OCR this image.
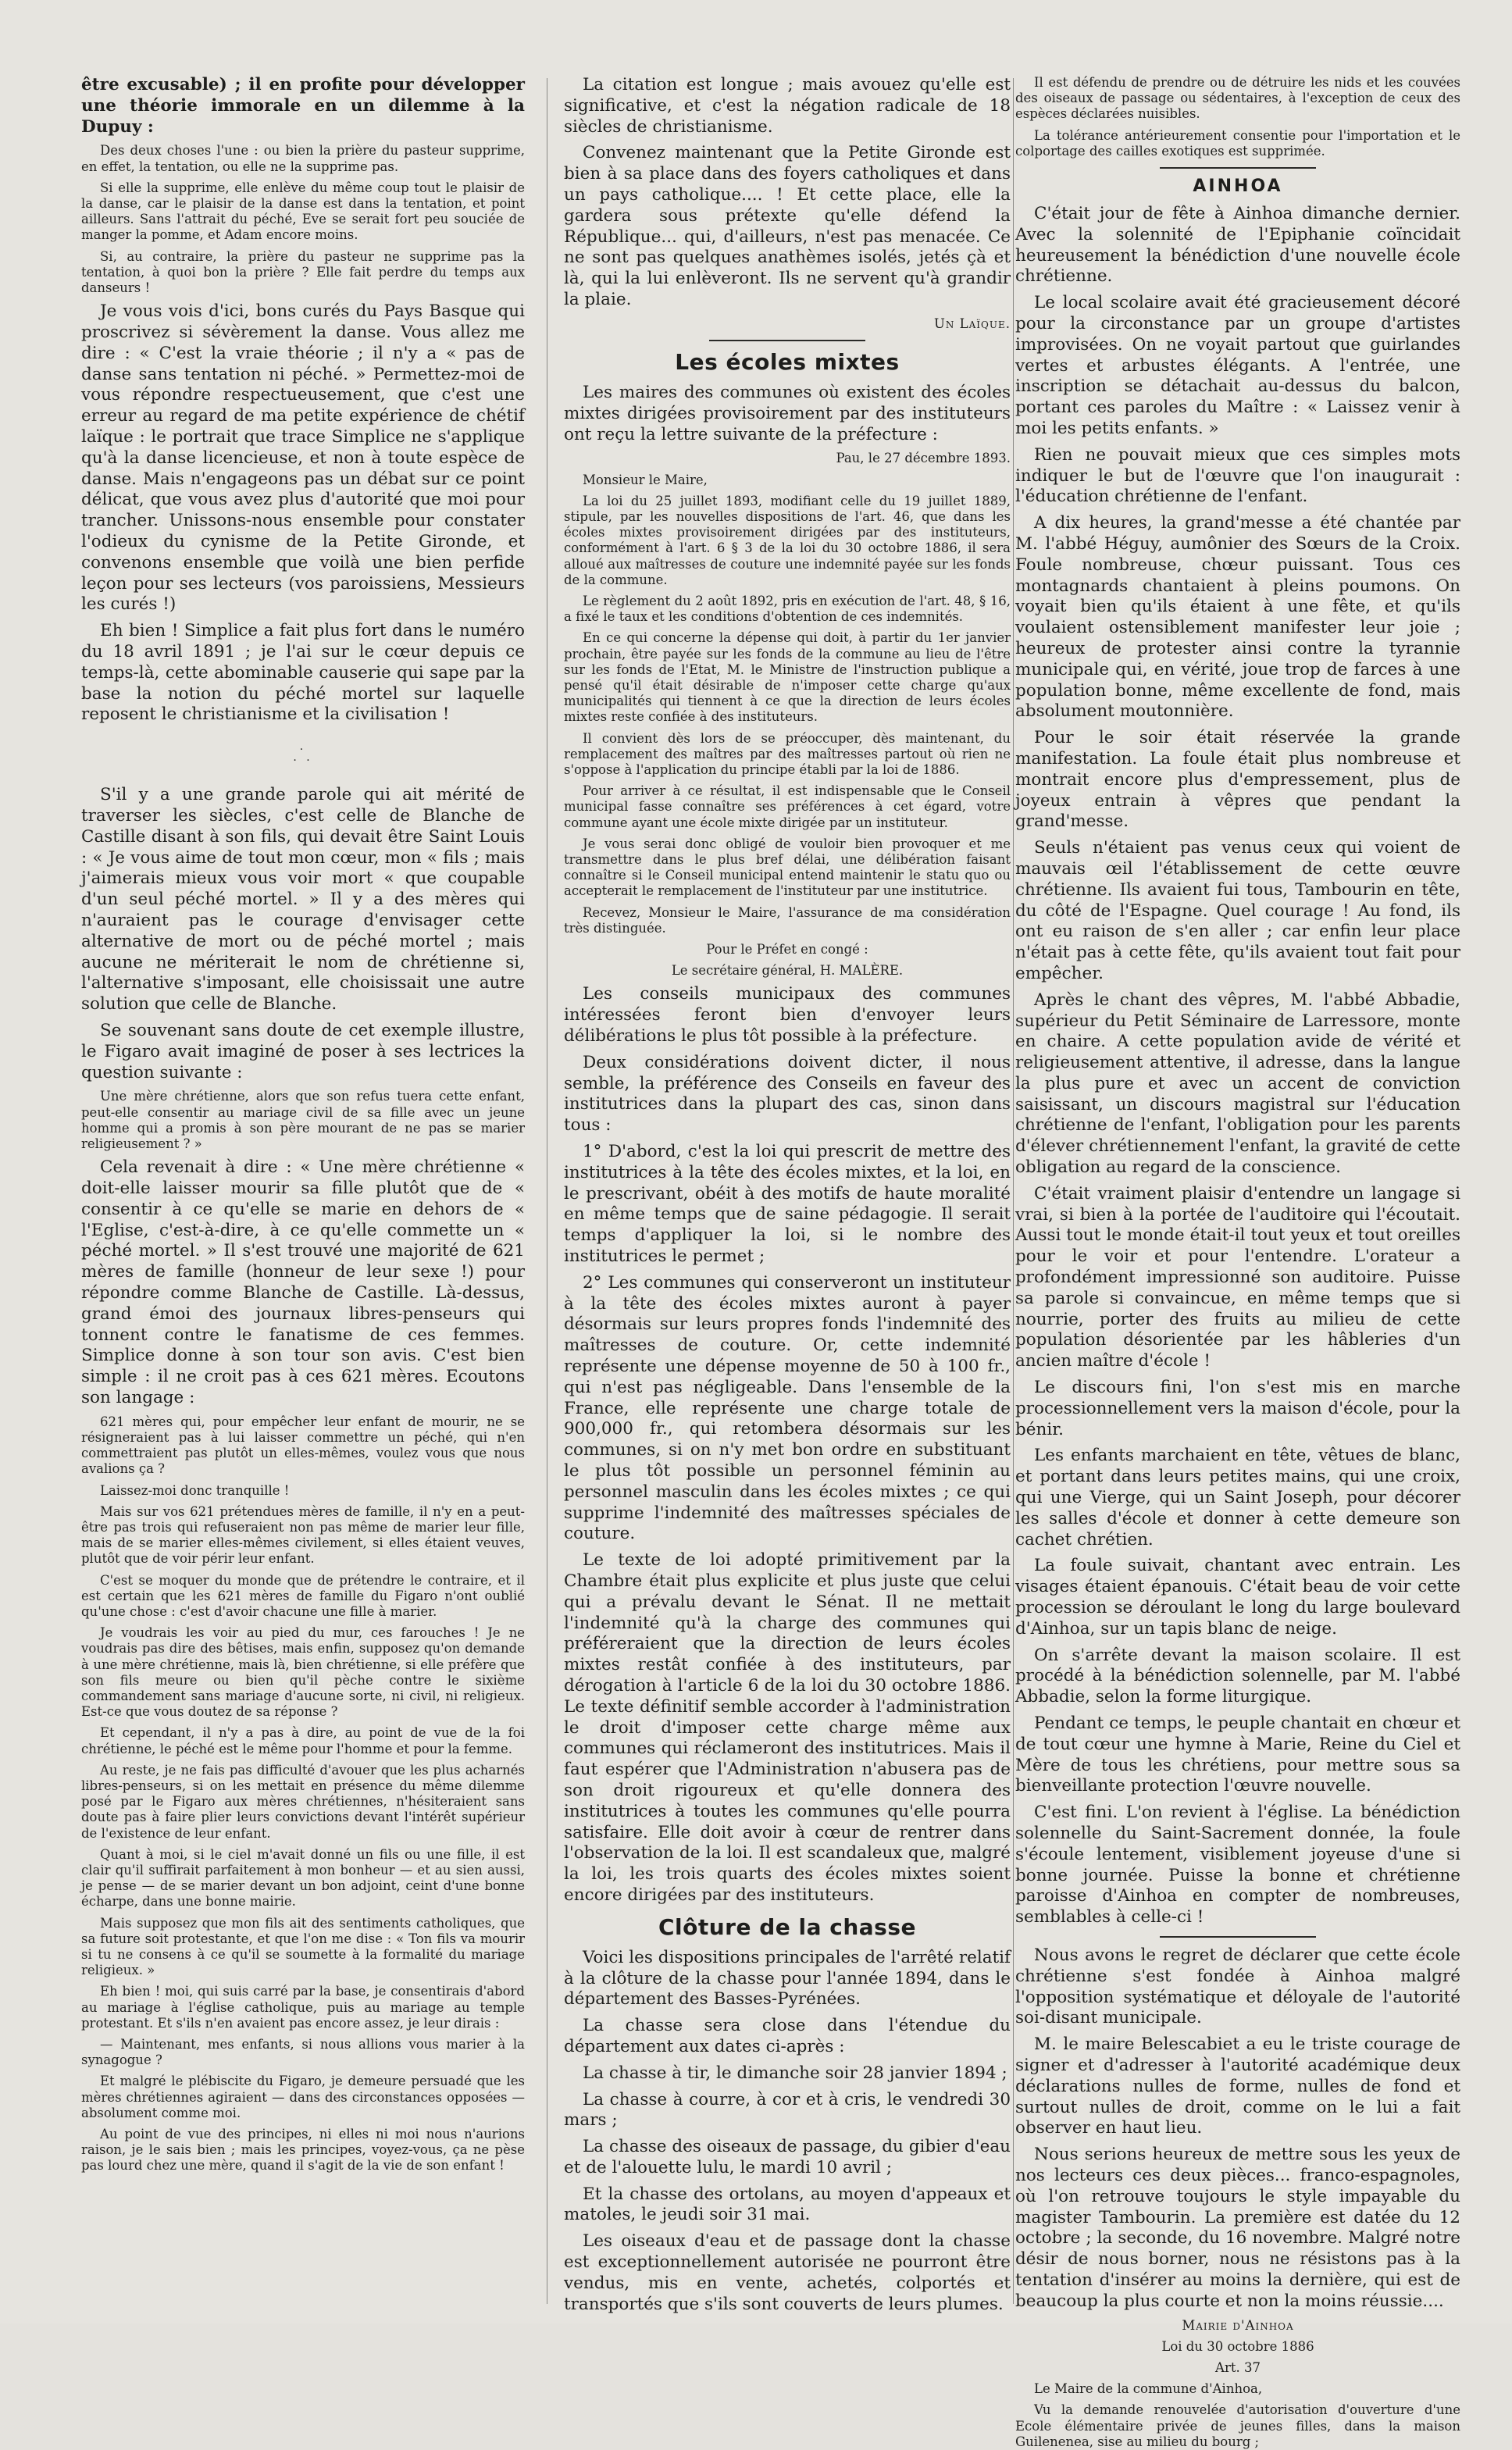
être excusable) ; il en profite pour développer une théorie immorale en un dilemme à la Dupuy :

Des deux choses l'une : ou bien la prière du pasteur supprime, en effet, la tentation, ou elle ne la supprime pas.

Si elle la supprime, elle enlève du même coup tout le plaisir de la danse, car le plaisir de la danse est dans la tentation, et point ailleurs. Sans l'attrait du péché, Eve se serait fort peu souciée de manger la pomme, et Adam encore moins.

Si, au contraire, la prière du pasteur ne supprime pas la tentation, à quoi bon la prière ? Elle fait perdre du temps aux danseurs !

Je vous vois d'ici, bons curés du Pays Basque qui proscrivez si sévèrement la danse. Vous allez me dire : « C'est la vraie théorie ; il n'y a « pas de danse sans tentation ni péché. » Permettez-moi de vous répondre respectueusement, que c'est une erreur au regard de ma petite expérience de chétif laïque : le portrait que trace Simplice ne s'applique qu'à la danse licencieuse, et non à toute espèce de danse. Mais n'engageons pas un débat sur ce point délicat, que vous avez plus d'autorité que moi pour trancher. Unissons-nous ensemble pour constater l'odieux du cynisme de la Petite Gironde, et convenons ensemble que voilà une bien perfide leçon pour ses lecteurs (vos paroissiens, Messieurs les curés !)

Eh bien ! Simplice a fait plus fort dans le numéro du 18 avril 1891 ; je l'ai sur le cœur depuis ce temps-là, cette abominable causerie qui sape par la base la notion du péché mortel sur laquelle reposent le christianisme et la civilisation !

·
· ·

S'il y a une grande parole qui ait mérité de traverser les siècles, c'est celle de Blanche de Castille disant à son fils, qui devait être Saint Louis : « Je vous aime de tout mon cœur, mon « fils ; mais j'aimerais mieux vous voir mort « que coupable d'un seul péché mortel. » Il y a des mères qui n'auraient pas le courage d'envisager cette alternative de mort ou de péché mortel ; mais aucune ne mériterait le nom de chrétienne si, l'alternative s'imposant, elle choisissait une autre solution que celle de Blanche.

Se souvenant sans doute de cet exemple illustre, le Figaro avait imaginé de poser à ses lectrices la question suivante :

Une mère chrétienne, alors que son refus tuera cette enfant, peut-elle consentir au mariage civil de sa fille avec un jeune homme qui a promis à son père mourant de ne pas se marier religieusement ? »

Cela revenait à dire : « Une mère chrétienne « doit-elle laisser mourir sa fille plutôt que de « consentir à ce qu'elle se marie en dehors de « l'Eglise, c'est-à-dire, à ce qu'elle commette un « péché mortel. » Il s'est trouvé une majorité de 621 mères de famille (honneur de leur sexe !) pour répondre comme Blanche de Castille. Là-dessus, grand émoi des journaux libres-penseurs qui tonnent contre le fanatisme de ces femmes. Simplice donne à son tour son avis. C'est bien simple : il ne croit pas à ces 621 mères. Ecoutons son langage :

621 mères qui, pour empêcher leur enfant de mourir, ne se résigneraient pas à lui laisser commettre un péché, qui n'en commettraient pas plutôt un elles-mêmes, voulez vous que nous avalions ça ?

Laissez-moi donc tranquille !

Mais sur vos 621 prétendues mères de famille, il n'y en a peut-être pas trois qui refuseraient non pas même de marier leur fille, mais de se marier elles-mêmes civilement, si elles étaient veuves, plutôt que de voir périr leur enfant.

C'est se moquer du monde que de prétendre le contraire, et il est certain que les 621 mères de famille du Figaro n'ont oublié qu'une chose : c'est d'avoir chacune une fille à marier.

Je voudrais les voir au pied du mur, ces farouches ! Je ne voudrais pas dire des bêtises, mais enfin, supposez qu'on demande à une mère chrétienne, mais là, bien chrétienne, si elle préfère que son fils meure ou bien qu'il pèche contre le sixième commandement sans mariage d'aucune sorte, ni civil, ni religieux. Est-ce que vous doutez de sa réponse ?

Et cependant, il n'y a pas à dire, au point de vue de la foi chrétienne, le péché est le même pour l'homme et pour la femme.

Au reste, je ne fais pas difficulté d'avouer que les plus acharnés libres-penseurs, si on les mettait en présence du même dilemme posé par le Figaro aux mères chrétiennes, n'hésiteraient sans doute pas à faire plier leurs convictions devant l'intérêt supérieur de l'existence de leur enfant.

Quant à moi, si le ciel m'avait donné un fils ou une fille, il est clair qu'il suffirait parfaitement à mon bonheur — et au sien aussi, je pense — de se marier devant un bon adjoint, ceint d'une bonne écharpe, dans une bonne mairie.

Mais supposez que mon fils ait des sentiments catholiques, que sa future soit protestante, et que l'on me dise : « Ton fils va mourir si tu ne consens à ce qu'il se soumette à la formalité du mariage religieux. »

Eh bien ! moi, qui suis carré par la base, je consentirais d'abord au mariage à l'église catholique, puis au mariage au temple protestant. Et s'ils n'en avaient pas encore assez, je leur dirais :

— Maintenant, mes enfants, si nous allions vous marier à la synagogue ?

Et malgré le plébiscite du Figaro, je demeure persuadé que les mères chrétiennes agiraient — dans des circonstances opposées — absolument comme moi.

Au point de vue des principes, ni elles ni moi nous n'aurions raison, je le sais bien ; mais les principes, voyez-vous, ça ne pèse pas lourd chez une mère, quand il s'agit de la vie de son enfant !

La citation est longue ; mais avouez qu'elle est significative, et c'est la négation radicale de 18 siècles de christianisme.

Convenez maintenant que la Petite Gironde est bien à sa place dans des foyers catholiques et dans un pays catholique.... ! Et cette place, elle la gardera sous prétexte qu'elle défend la République... qui, d'ailleurs, n'est pas menacée. Ce ne sont pas quelques anathèmes isolés, jetés çà et là, qui la lui enlèveront. Ils ne servent qu'à grandir la plaie.

Un Laïque.

Les écoles mixtes

Les maires des communes où existent des écoles mixtes dirigées provisoirement par des instituteurs ont reçu la lettre suivante de la préfecture :

Pau, le 27 décembre 1893.

Monsieur le Maire,

La loi du 25 juillet 1893, modifiant celle du 19 juillet 1889, stipule, par les nouvelles dispositions de l'art. 46, que dans les écoles mixtes provisoirement dirigées par des instituteurs, conformément à l'art. 6 § 3 de la loi du 30 octobre 1886, il sera alloué aux maîtresses de couture une indemnité payée sur les fonds de la commune.

Le règlement du 2 août 1892, pris en exécution de l'art. 48, § 16, a fixé le taux et les conditions d'obtention de ces indemnités.

En ce qui concerne la dépense qui doit, à partir du 1er janvier prochain, être payée sur les fonds de la commune au lieu de l'être sur les fonds de l'Etat, M. le Ministre de l'instruction publique a pensé qu'il était désirable de n'imposer cette charge qu'aux municipalités qui tiennent à ce que la direction de leurs écoles mixtes reste confiée à des instituteurs.

Il convient dès lors de se préoccuper, dès maintenant, du remplacement des maîtres par des maîtresses partout où rien ne s'oppose à l'application du principe établi par la loi de 1886.

Pour arriver à ce résultat, il est indispensable que le Conseil municipal fasse connaître ses préférences à cet égard, votre commune ayant une école mixte dirigée par un instituteur.

Je vous serai donc obligé de vouloir bien provoquer et me transmettre dans le plus bref délai, une délibération faisant connaître si le Conseil municipal entend maintenir le statu quo ou accepterait le remplacement de l'instituteur par une institutrice.

Recevez, Monsieur le Maire, l'assurance de ma considération très distinguée.

Pour le Préfet en congé :

Le secrétaire général, H. MALÈRE.

Les conseils municipaux des communes intéressées feront bien d'envoyer leurs délibérations le plus tôt possible à la préfecture.

Deux considérations doivent dicter, il nous semble, la préférence des Conseils en faveur des institutrices dans la plupart des cas, sinon dans tous :

1° D'abord, c'est la loi qui prescrit de mettre des institutrices à la tête des écoles mixtes, et la loi, en le prescrivant, obéit à des motifs de haute moralité en même temps que de saine pédagogie. Il serait temps d'appliquer la loi, si le nombre des institutrices le permet ;

2° Les communes qui conserveront un instituteur à la tête des écoles mixtes auront à payer désormais sur leurs propres fonds l'indemnité des maîtresses de couture. Or, cette indemnité représente une dépense moyenne de 50 à 100 fr., qui n'est pas négligeable. Dans l'ensemble de la France, elle représente une charge totale de 900,000 fr., qui retombera désormais sur les communes, si on n'y met bon ordre en substituant le plus tôt possible un personnel féminin au personnel masculin dans les écoles mixtes ; ce qui supprime l'indemnité des maîtresses spéciales de couture.

Le texte de loi adopté primitivement par la Chambre était plus explicite et plus juste que celui qui a prévalu devant le Sénat. Il ne mettait l'indemnité qu'à la charge des communes qui préféreraient que la direction de leurs écoles mixtes restât confiée à des instituteurs, par dérogation à l'article 6 de la loi du 30 octobre 1886. Le texte définitif semble accorder à l'administration le droit d'imposer cette charge même aux communes qui réclameront des institutrices. Mais il faut espérer que l'Administration n'abusera pas de son droit rigoureux et qu'elle donnera des institutrices à toutes les communes qu'elle pourra satisfaire. Elle doit avoir à cœur de rentrer dans l'observation de la loi. Il est scandaleux que, malgré la loi, les trois quarts des écoles mixtes soient encore dirigées par des instituteurs.

Clôture de la chasse

Voici les dispositions principales de l'arrêté relatif à la clôture de la chasse pour l'année 1894, dans le département des Basses-Pyrénées.

La chasse sera close dans l'étendue du département aux dates ci-après :

La chasse à tir, le dimanche soir 28 janvier 1894 ;

La chasse à courre, à cor et à cris, le vendredi 30 mars ;

La chasse des oiseaux de passage, du gibier d'eau et de l'alouette lulu, le mardi 10 avril ;

Et la chasse des ortolans, au moyen d'appeaux et matoles, le jeudi soir 31 mai.

Les oiseaux d'eau et de passage dont la chasse est exceptionnellement autorisée ne pourront être vendus, mis en vente, achetés, colportés et transportés que s'ils sont couverts de leurs plumes.

Il est défendu de prendre ou de détruire les nids et les couvées des oiseaux de passage ou sédentaires, à l'exception de ceux des espèces déclarées nuisibles.

La tolérance antérieurement consentie pour l'importation et le colportage des cailles exotiques est supprimée.

AINHOA

C'était jour de fête à Ainhoa dimanche dernier. Avec la solennité de l'Epiphanie coïncidait heureusement la bénédiction d'une nouvelle école chrétienne.

Le local scolaire avait été gracieusement décoré pour la circonstance par un groupe d'artistes improvisées. On ne voyait partout que guirlandes vertes et arbustes élégants. A l'entrée, une inscription se détachait au-dessus du balcon, portant ces paroles du Maître : « Laissez venir à moi les petits enfants. »

Rien ne pouvait mieux que ces simples mots indiquer le but de l'œuvre que l'on inaugurait : l'éducation chrétienne de l'enfant.

A dix heures, la grand'messe a été chantée par M. l'abbé Héguy, aumônier des Sœurs de la Croix. Foule nombreuse, chœur puissant. Tous ces montagnards chantaient à pleins poumons. On voyait bien qu'ils étaient à une fête, et qu'ils voulaient ostensiblement manifester leur joie ; heureux de protester ainsi contre la tyrannie municipale qui, en vérité, joue trop de farces à une population bonne, même excellente de fond, mais absolument moutonnière.

Pour le soir était réservée la grande manifestation. La foule était plus nombreuse et montrait encore plus d'empressement, plus de joyeux entrain à vêpres que pendant la grand'messe.

Seuls n'étaient pas venus ceux qui voient de mauvais œil l'établissement de cette œuvre chrétienne. Ils avaient fui tous, Tambourin en tête, du côté de l'Espagne. Quel courage ! Au fond, ils ont eu raison de s'en aller ; car enfin leur place n'était pas à cette fête, qu'ils avaient tout fait pour empêcher.

Après le chant des vêpres, M. l'abbé Abbadie, supérieur du Petit Séminaire de Larressore, monte en chaire. A cette population avide de vérité et religieusement attentive, il adresse, dans la langue la plus pure et avec un accent de conviction saisissant, un discours magistral sur l'éducation chrétienne de l'enfant, l'obligation pour les parents d'élever chrétiennement l'enfant, la gravité de cette obligation au regard de la conscience.

C'était vraiment plaisir d'entendre un langage si vrai, si bien à la portée de l'auditoire qui l'écoutait. Aussi tout le monde était-il tout yeux et tout oreilles pour le voir et pour l'entendre. L'orateur a profondément impressionné son auditoire. Puisse sa parole si convaincue, en même temps que si nourrie, porter des fruits au milieu de cette population désorientée par les hâbleries d'un ancien maître d'école !

Le discours fini, l'on s'est mis en marche processionnellement vers la maison d'école, pour la bénir.

Les enfants marchaient en tête, vêtues de blanc, et portant dans leurs petites mains, qui une croix, qui une Vierge, qui un Saint Joseph, pour décorer les salles d'école et donner à cette demeure son cachet chrétien.

La foule suivait, chantant avec entrain. Les visages étaient épanouis. C'était beau de voir cette procession se déroulant le long du large boulevard d'Ainhoa, sur un tapis blanc de neige.

On s'arrête devant la maison scolaire. Il est procédé à la bénédiction solennelle, par M. l'abbé Abbadie, selon la forme liturgique.

Pendant ce temps, le peuple chantait en chœur et de tout cœur une hymne à Marie, Reine du Ciel et Mère de tous les chrétiens, pour mettre sous sa bienveillante protection l'œuvre nouvelle.

C'est fini. L'on revient à l'église. La bénédiction solennelle du Saint-Sacrement donnée, la foule s'écoule lentement, visiblement joyeuse d'une si bonne journée. Puisse la bonne et chrétienne paroisse d'Ainhoa en compter de nombreuses, semblables à celle-ci !

Nous avons le regret de déclarer que cette école chrétienne s'est fondée à Ainhoa malgré l'opposition systématique et déloyale de l'autorité soi-disant municipale.

M. le maire Belescabiet a eu le triste courage de signer et d'adresser à l'autorité académique deux déclarations nulles de forme, nulles de fond et surtout nulles de droit, comme on le lui a fait observer en haut lieu.

Nous serions heureux de mettre sous les yeux de nos lecteurs ces deux pièces... franco-espagnoles, où l'on retrouve toujours le style impayable du magister Tambourin. La première est datée du 12 octobre ; la seconde, du 16 novembre. Malgré notre désir de nous borner, nous ne résistons pas à la tentation d'insérer au moins la dernière, qui est de beaucoup la plus courte et non la moins réussie....

Mairie d'Ainhoa

Loi du 30 octobre 1886

Art. 37

Le Maire de la commune d'Ainhoa,

Vu la demande renouvelée d'autorisation d'ouverture d'une Ecole élémentaire privée de jeunes filles, dans la maison Guilenenea, sise au milieu du bourg ;
